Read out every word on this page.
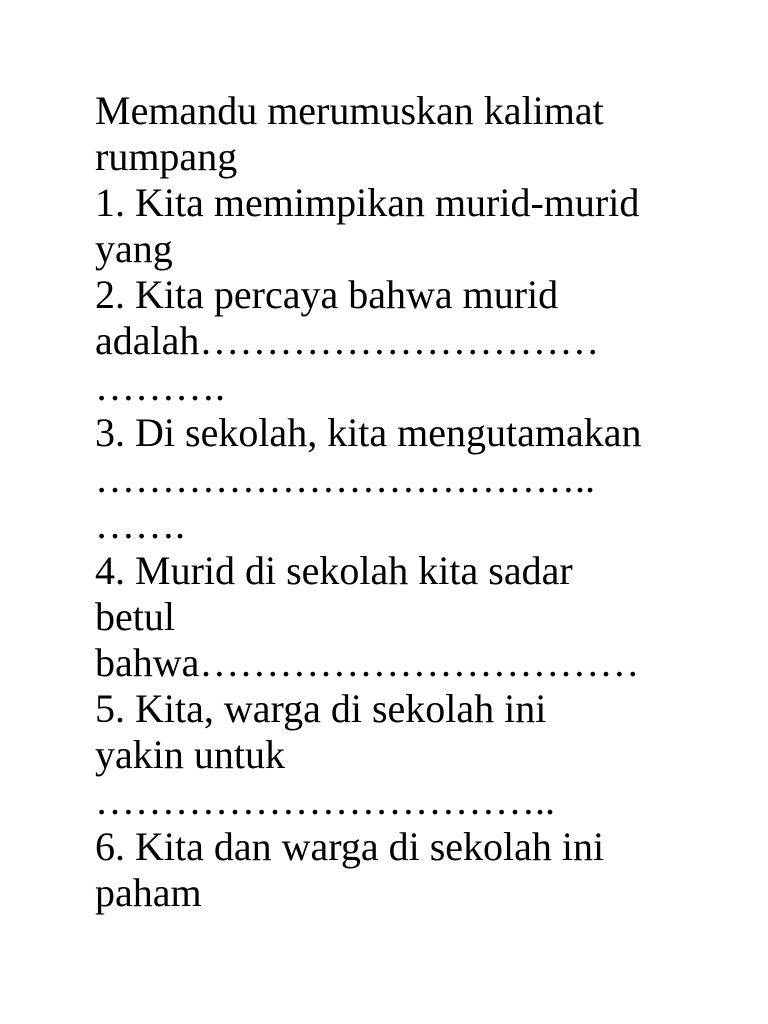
Memandu merumuskan kalimat
rumpang
1. Kita memimpikan murid-murid
yang
2. Kita percaya bahwa murid
adalah…………………………
……….
3. Di sekolah, kita mengutamakan
………………………………..
…….
4. Murid di sekolah kita sadar
betul
bahwa……………………………
5. Kita, warga di sekolah ini
yakin untuk
……………………………..
6. Kita dan warga di sekolah ini
paham
